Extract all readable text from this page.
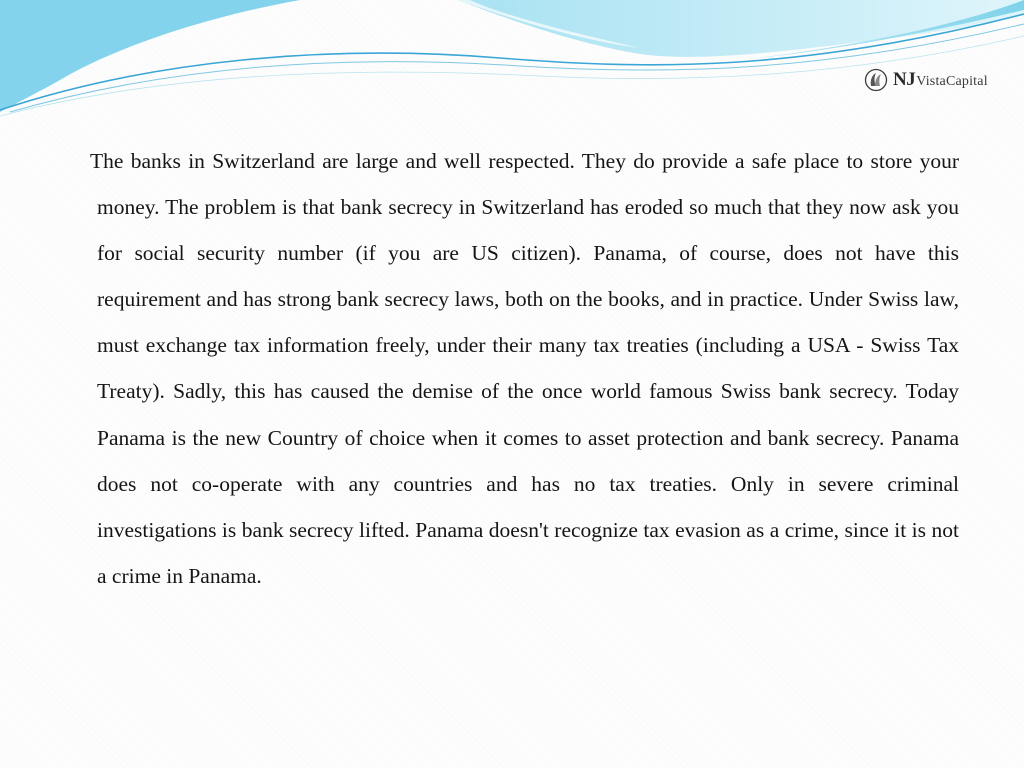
NJ VistaCapital

The banks in Switzerland are large and well respected. They do provide a safe place to store your money. The problem is that bank secrecy in Switzerland has eroded so much that they now ask you for social security number (if you are US citizen). Panama, of course, does not have this requirement and has strong bank secrecy laws, both on the books, and in practice. Under Swiss law, must exchange tax information freely, under their many tax treaties (including a USA - Swiss Tax Treaty). Sadly, this has caused the demise of the once world famous Swiss bank secrecy. Today Panama is the new Country of choice when it comes to asset protection and bank secrecy. Panama does not co-operate with any countries and has no tax treaties. Only in severe criminal investigations is bank secrecy lifted. Panama doesn't recognize tax evasion as a crime, since it is not a crime in Panama.
